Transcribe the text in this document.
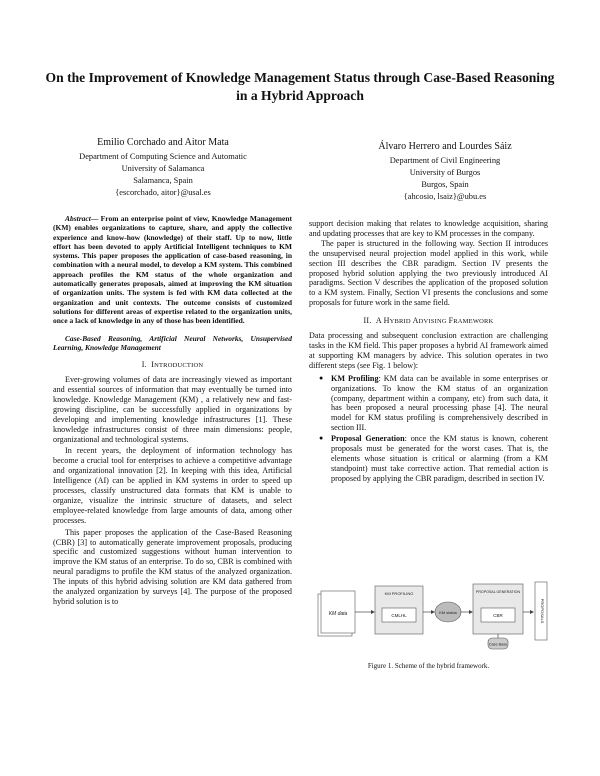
On the Improvement of Knowledge Management Status through Case-Based Reasoning in a Hybrid Approach
Emilio Corchado and Aitor Mata
Department of Computing Science and Automatic
University of Salamanca
Salamanca, Spain
{escorchado, aitor}@usal.es
Álvaro Herrero and Lourdes Sáiz
Department of Civil Engineering
University of Burgos
Burgos, Spain
{ahcosio, lsaiz}@ubu.es

Abstract— From an enterprise point of view, Knowledge Management (KM) enables organizations to capture, share, and apply the collective experience and know-how (knowledge) of their staff. Up to now, little effort has been devoted to apply Artificial Intelligent techniques to KM systems. This paper proposes the application of case-based reasoning, in combination with a neural model, to develop a KM system. This combined approach profiles the KM status of the whole organization and automatically generates proposals, aimed at improving the KM situation of organization units. The system is fed with KM data collected at the organization and unit contexts. The outcome consists of customized solutions for different areas of expertise related to the organization units, once a lack of knowledge in any of those has been identified.

Case-Based Reasoning, Artificial Neural Networks, Unsupervised Learning, Knowledge Management

I. INTRODUCTION

Ever-growing volumes of data are increasingly viewed as important and essential sources of information that may eventually be turned into knowledge. Knowledge Management (KM) , a relatively new and fast-growing discipline, can be successfully applied in organizations by developing and implementing knowledge infrastructures [1]. These knowledge infrastructures consist of three main dimensions: people, organizational and technological systems.

In recent years, the deployment of information technology has become a crucial tool for enterprises to achieve a competitive advantage and organizational innovation [2]. In keeping with this idea, Artificial Intelligence (AI) can be applied in KM systems in order to speed up processes, classify unstructured data formats that KM is unable to organize, visualize the intrinsic structure of datasets, and select employee-related knowledge from large amounts of data, among other processes.

This paper proposes the application of the Case-Based Reasoning (CBR) [3] to automatically generate improvement proposals, producing specific and customized suggestions without human intervention to improve the KM status of an enterprise. To do so, CBR is combined with neural paradigms to profile the KM status of the analyzed organization. The inputs of this hybrid advising solution are KM data gathered from the analyzed organization by surveys [4]. The purpose of the proposed hybrid solution is to

support decision making that relates to knowledge acquisition, sharing and updating processes that are key to KM processes in the company.

The paper is structured in the following way. Section II introduces the unsupervised neural projection model applied in this work, while section III describes the CBR paradigm. Section IV presents the proposed hybrid solution applying the two previously introduced AI paradigms. Section V describes the application of the proposed solution to a KM system. Finally, Section VI presents the conclusions and some proposals for future work in the same field.

II. A HYBRID ADVISING FRAMEWORK

Data processing and subsequent conclusion extraction are challenging tasks in the KM field. This paper proposes a hybrid AI framework aimed at supporting KM managers by advice. This solution operates in two different steps (see Fig. 1 below):

● KM Profiling: KM data can be available in some enterprises or organizations. To know the KM status of an organization (company, department within a company, etc) from such data, it has been proposed a neural processing phase [4]. The neural model for KM status profiling is comprehensively described in section III.
● Proposal Generation: once the KM status is known, coherent proposals must be generated for the worst cases. That is, the elements whose situation is critical or alarming (from a KM standpoint) must take corrective action. That remedial action is proposed by applying the CBR paradigm, described in section IV.
KM data
KM PROFILING
CMLHL
KM status
PROPOSAL GENERATION
CBR
Case Base
PROPOSALS
Figure 1. Scheme of the hybrid framework.
